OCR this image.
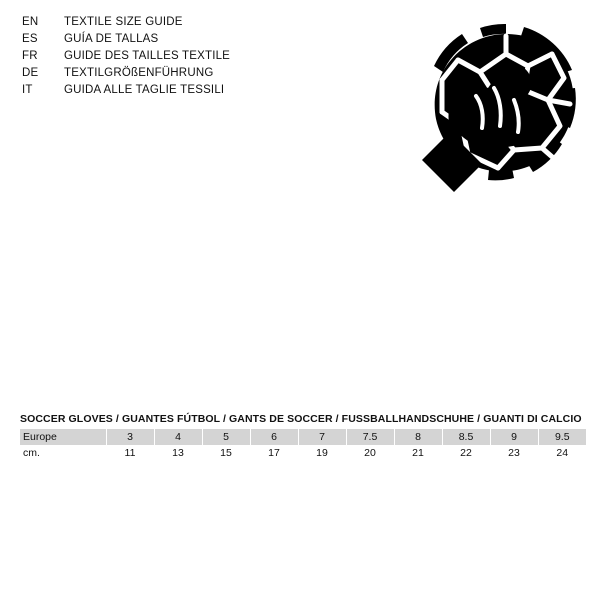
EN	TEXTILE SIZE GUIDE
ES	GUÍA DE TALLAS
FR	GUIDE DES TAILLES TEXTILE
DE	TEXTILGRÖßENFÜHRUNG
IT	GUIDA ALLE TAGLIE TESSILI
SOCCER GLOVES / GUANTES FÚTBOL / GANTS DE SOCCER / FUSSBALLHANDSCHUHE / GUANTI DI CALCIO
Europe	3	4	5	6	7	7.5	8	8.5	9	9.5
cm.	11	13	15	17	19	20	21	22	23	24
